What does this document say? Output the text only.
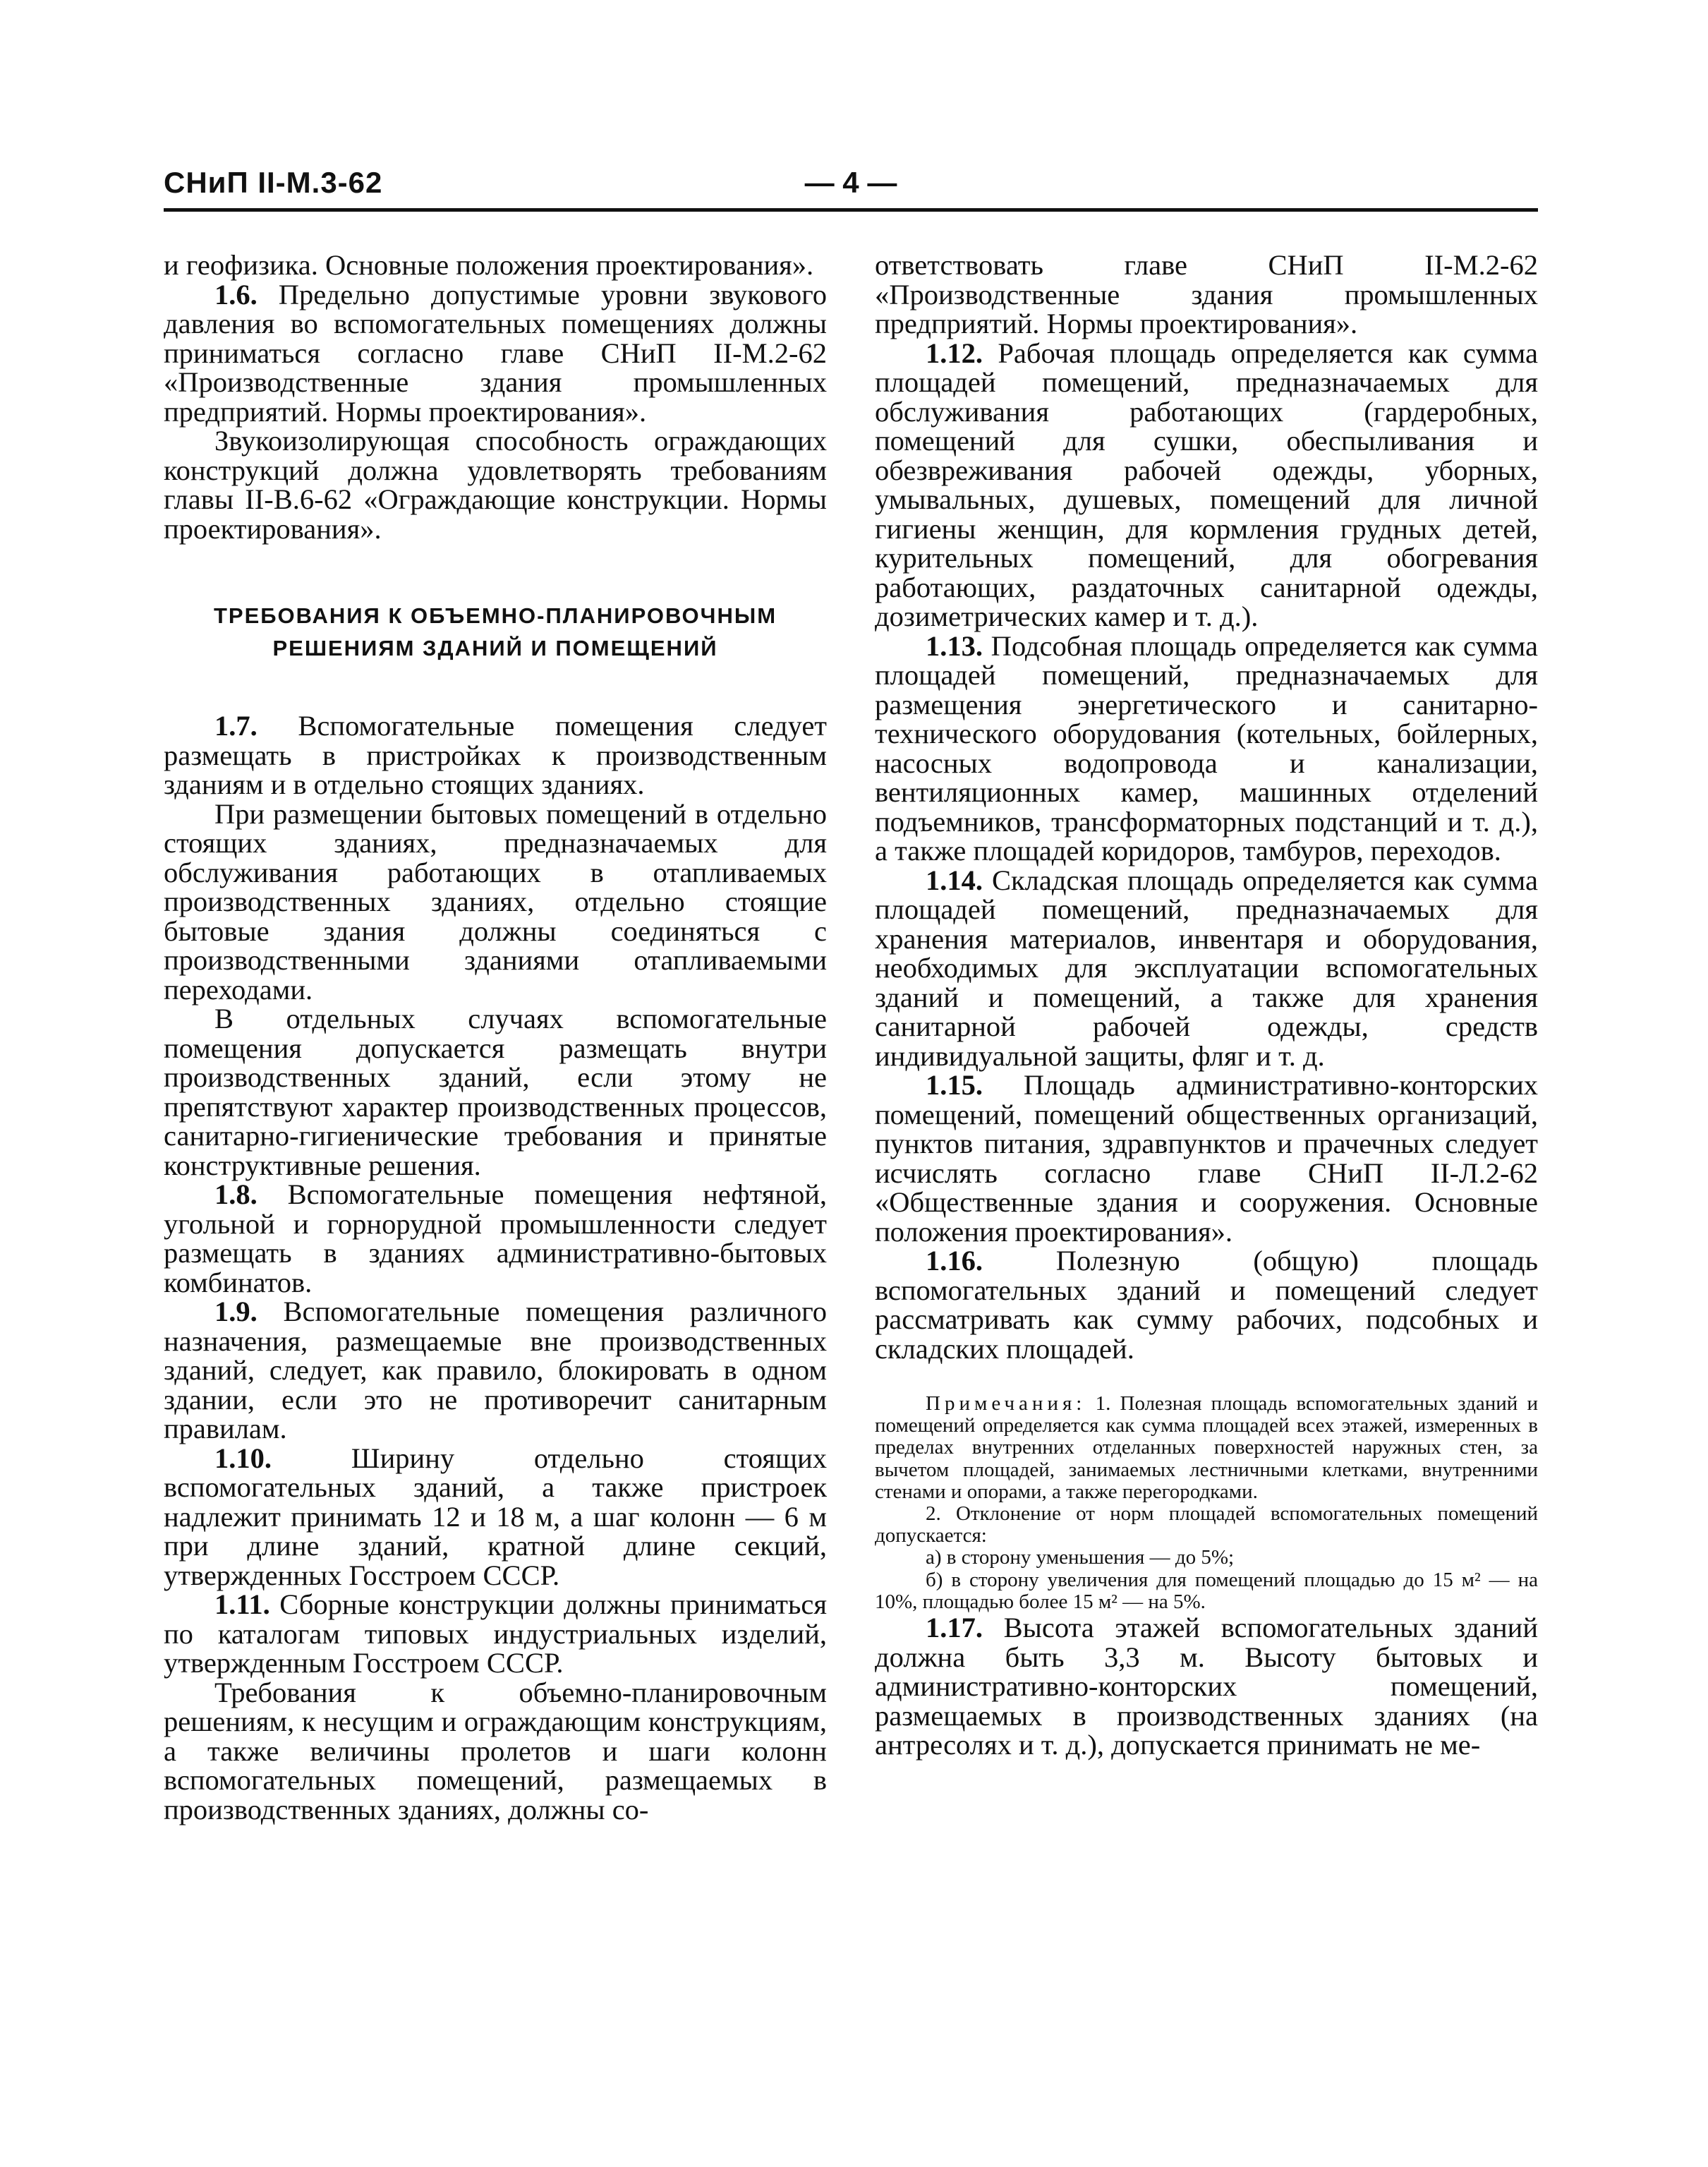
СНиП II-М.3-62	— 4 —

и геофизика. Основные положения проектирования».

1.6. Предельно допустимые уровни звукового давления во вспомогательных помещениях должны приниматься согласно главе СНиП II-М.2-62 «Производственные здания промышленных предприятий. Нормы проектирования».

Звукоизолирующая способность ограждающих конструкций должна удовлетворять требованиям главы II-В.6-62 «Ограждающие конструкции. Нормы проектирования».

ТРЕБОВАНИЯ К ОБЪЕМНО-ПЛАНИРОВОЧНЫМ РЕШЕНИЯМ ЗДАНИЙ И ПОМЕЩЕНИЙ

1.7. Вспомогательные помещения следует размещать в пристройках к производственным зданиям и в отдельно стоящих зданиях.

При размещении бытовых помещений в отдельно стоящих зданиях, предназначаемых для обслуживания работающих в отапливаемых производственных зданиях, отдельно стоящие бытовые здания должны соединяться с производственными зданиями отапливаемыми переходами.

В отдельных случаях вспомогательные помещения допускается размещать внутри производственных зданий, если этому не препятствуют характер производственных процессов, санитарно-гигиенические требования и принятые конструктивные решения.

1.8. Вспомогательные помещения нефтяной, угольной и горнорудной промышленности следует размещать в зданиях административно-бытовых комбинатов.

1.9. Вспомогательные помещения различного назначения, размещаемые вне производственных зданий, следует, как правило, блокировать в одном здании, если это не противоречит санитарным правилам.

1.10.	Ширину отдельно стоящих вспомогательных зданий, а также пристроек надлежит принимать 12 и 18 м, а шаг колонн — 6 м при длине зданий, кратной длине секций, утвержденных Госстроем СССР.

1.11. Сборные конструкции должны приниматься по каталогам типовых индустриальных изделий, утвержденным Госстроем СССР.

Требования к объемно-планировочным решениям, к несущим и ограждающим конструкциям, а также величины пролетов и шаги колонн вспомогательных помещений, размещаемых в производственных зданиях, должны со-

ответствовать главе СНиП II-М.2-62 «Производственные здания промышленных предприятий. Нормы проектирования».

1.12. Рабочая площадь определяется как сумма площадей помещений, предназначаемых для обслуживания работающих (гардеробных, помещений для сушки, обеспыливания и обезвреживания рабочей одежды, уборных, умывальных, душевых, помещений для личной гигиены женщин, для кормления грудных детей, курительных помещений, для обогревания работающих, раздаточных санитарной одежды, дозиметрических камер и т. д.).

1.13. Подсобная площадь определяется как сумма площадей помещений, предназначаемых для размещения энергетического и санитарно-технического оборудования (котельных, бойлерных, насосных водопровода и канализации, вентиляционных камер, машинных отделений подъемников, трансформаторных подстанций и т. д.), а также площадей коридоров, тамбуров, переходов.

1.14. Складская площадь определяется как сумма площадей помещений, предназначаемых для хранения материалов, инвентаря и оборудования, необходимых для эксплуатации вспомогательных зданий и помещений, а также для хранения санитарной рабочей одежды, средств индивидуальной защиты, фляг и т. д.

1.15. Площадь административно-конторских помещений, помещений общественных организаций, пунктов питания, здравпунктов и прачечных следует исчислять согласно главе СНиП II-Л.2-62 «Общественные здания и сооружения. Основные положения проектирования».

1.16.	Полезную (общую) площадь вспомогательных зданий и помещений следует рассматривать как сумму рабочих, подсобных и складских площадей.

Примечания: 1. Полезная площадь вспомогательных зданий и помещений определяется как сумма площадей всех этажей, измеренных в пределах внутренних отделанных поверхностей наружных стен, за вычетом площадей, занимаемых лестничными клетками, внутренними стенами и опорами, а также перегородками.

2. Отклонение от норм площадей вспомогательных помещений допускается:

а) в сторону уменьшения — до 5%;

б) в сторону увеличения для помещений площадью до 15 м² — на 10%, площадью более 15 м² — на 5%.

1.17. Высота этажей вспомогательных зданий должна быть 3,3 м. Высоту бытовых и административно-конторских помещений, размещаемых в производственных зданиях (на антресолях и т. д.), допускается принимать не ме-
